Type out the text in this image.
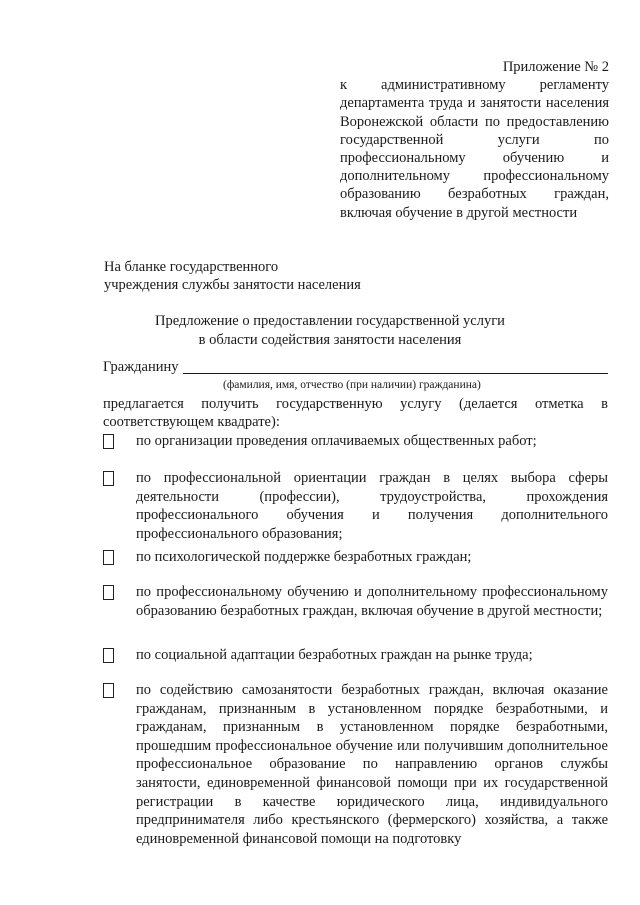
Приложение № 2
к административному регламенту департамента труда и занятости населения Воронежской области по предоставлению государственной услуги по профессиональному обучению и дополнительному профессиональному образованию безработных граждан, включая обучение в другой местности
На бланке государственного
учреждения службы занятости населения
Предложение о предоставлении государственной услуги
в области содействия занятости населения
Гражданину
(фамилия, имя, отчество (при наличии) гражданина)
предлагается получить государственную услугу (делается отметка в соответствующем квадрате):
по организации проведения оплачиваемых общественных работ;
по профессиональной ориентации граждан в целях выбора сферы деятельности (профессии), трудоустройства, прохождения профессионального обучения и получения дополнительного профессионального образования;
по психологической поддержке безработных граждан;
по профессиональному обучению и дополнительному профессиональному образованию безработных граждан, включая обучение в другой местности;
по социальной адаптации безработных граждан на рынке труда;
по содействию самозанятости безработных граждан, включая оказание гражданам, признанным в установленном порядке безработными, и гражданам, признанным в установленном порядке безработными, прошедшим профессиональное обучение или получившим дополнительное профессиональное образование по направлению органов службы занятости, единовременной финансовой помощи при их государственной регистрации в качестве юридического лица, индивидуального предпринимателя либо крестьянского (фермерского) хозяйства, а также единовременной финансовой помощи на подготовку
